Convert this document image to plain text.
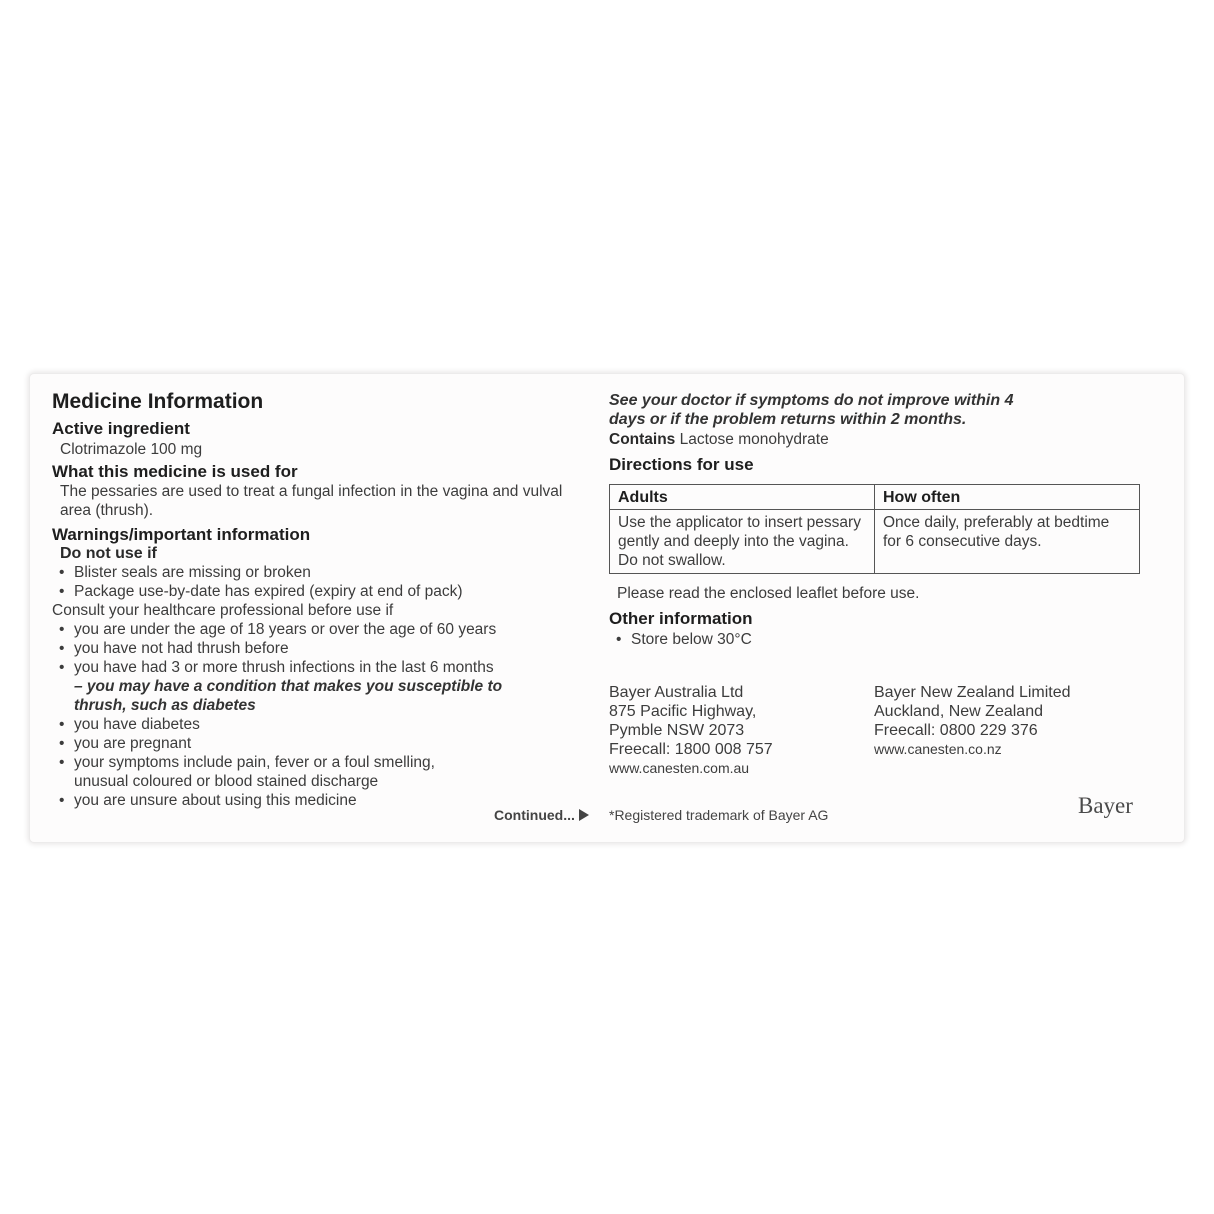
Medicine Information
Active ingredient

Clotrimazole 100 mg

What this medicine is used for

The pessaries are used to treat a fungal infection in the vagina and vulval area (thrush).

Warnings/important information

Do not use if

• Blister seals are missing or broken
• Package use-by-date has expired (expiry at end of pack)

Consult your healthcare professional before use if

• you are under the age of 18 years or over the age of 60 years
• you have not had thrush before
• you have had 3 or more thrush infections in the last 6 months
– you may have a condition that makes you susceptible to thrush, such as diabetes
• you have diabetes
• you are pregnant
• your symptoms include pain, fever or a foul smelling, unusual coloured or blood stained discharge
• you are unsure about using this medicine
Continued...

See your doctor if symptoms do not improve within 4 days or if the problem returns within 2 months.

Contains Lactose monohydrate

Directions for use
Adults	How often
Use the applicator to insert pessary gently and deeply into the vagina. Do not swallow.	Once daily, preferably at bedtime for 6 consecutive days.

Please read the enclosed leaflet before use.

Other information
• Store below 30°C
Bayer Australia Ltd
875 Pacific Highway,
Pymble NSW 2073
Freecall: 1800 008 757
www.canesten.com.au
Bayer New Zealand Limited
Auckland, New Zealand
Freecall: 0800 229 376
www.canesten.co.nz
*Registered trademark of Bayer AG	Bayer
